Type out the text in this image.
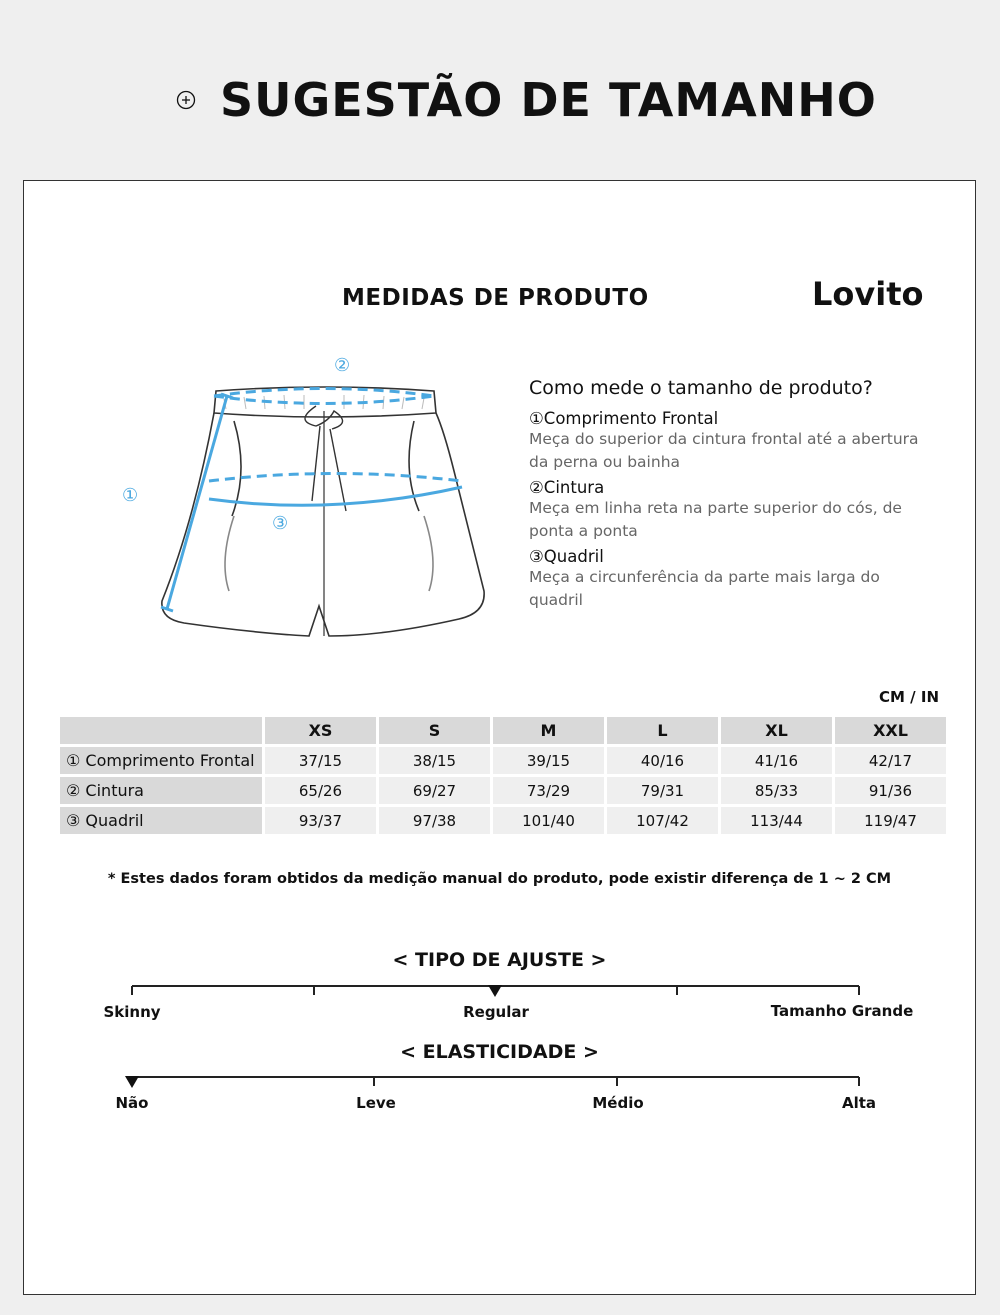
SUGESTÃO DE TAMANHO
MEDIDAS DE PRODUTO	Lovito
②
①
③
Como mede o tamanho de produto?
①Comprimento Frontal
Meça do superior da cintura frontal até a abertura da perna ou bainha
②Cintura
Meça em linha reta na parte superior do cós, de ponta a ponta
③Quadril
Meça a circunferência da parte mais larga do quadril
CM / IN
	XS	S	M	L	XL	XXL
① Comprimento Frontal	37/15	38/15	39/15	40/16	41/16	42/17
② Cintura	65/26	69/27	73/29	79/31	85/33	91/36
③ Quadril	93/37	97/38	101/40	107/42	113/44	119/47
* Estes dados foram obtidos da medição manual do produto, pode existir diferença de 1 ~ 2 CM
< TIPO DE AJUSTE >
Skinny	Regular	Tamanho Grande
< ELASTICIDADE >
Não	Leve	Médio	Alta
